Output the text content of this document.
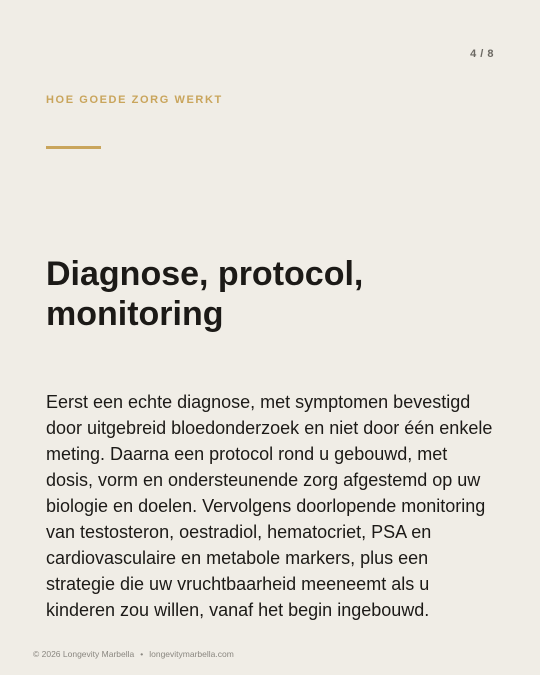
4 / 8
HOE GOEDE ZORG WERKT
Diagnose, protocol,
monitoring

Eerst een echte diagnose, met symptomen bevestigd door uitgebreid bloedonderzoek en niet door één enkele meting. Daarna een protocol rond u gebouwd, met dosis, vorm en ondersteunende zorg afgestemd op uw biologie en doelen. Vervolgens doorlopende monitoring van testosteron, oestradiol, hematocriet, PSA en cardiovasculaire en metabole markers, plus een strategie die uw vruchtbaarheid meeneemt als u kinderen zou willen, vanaf het begin ingebouwd.

© 2026 Longevity Marbella • longevitymarbella.com
